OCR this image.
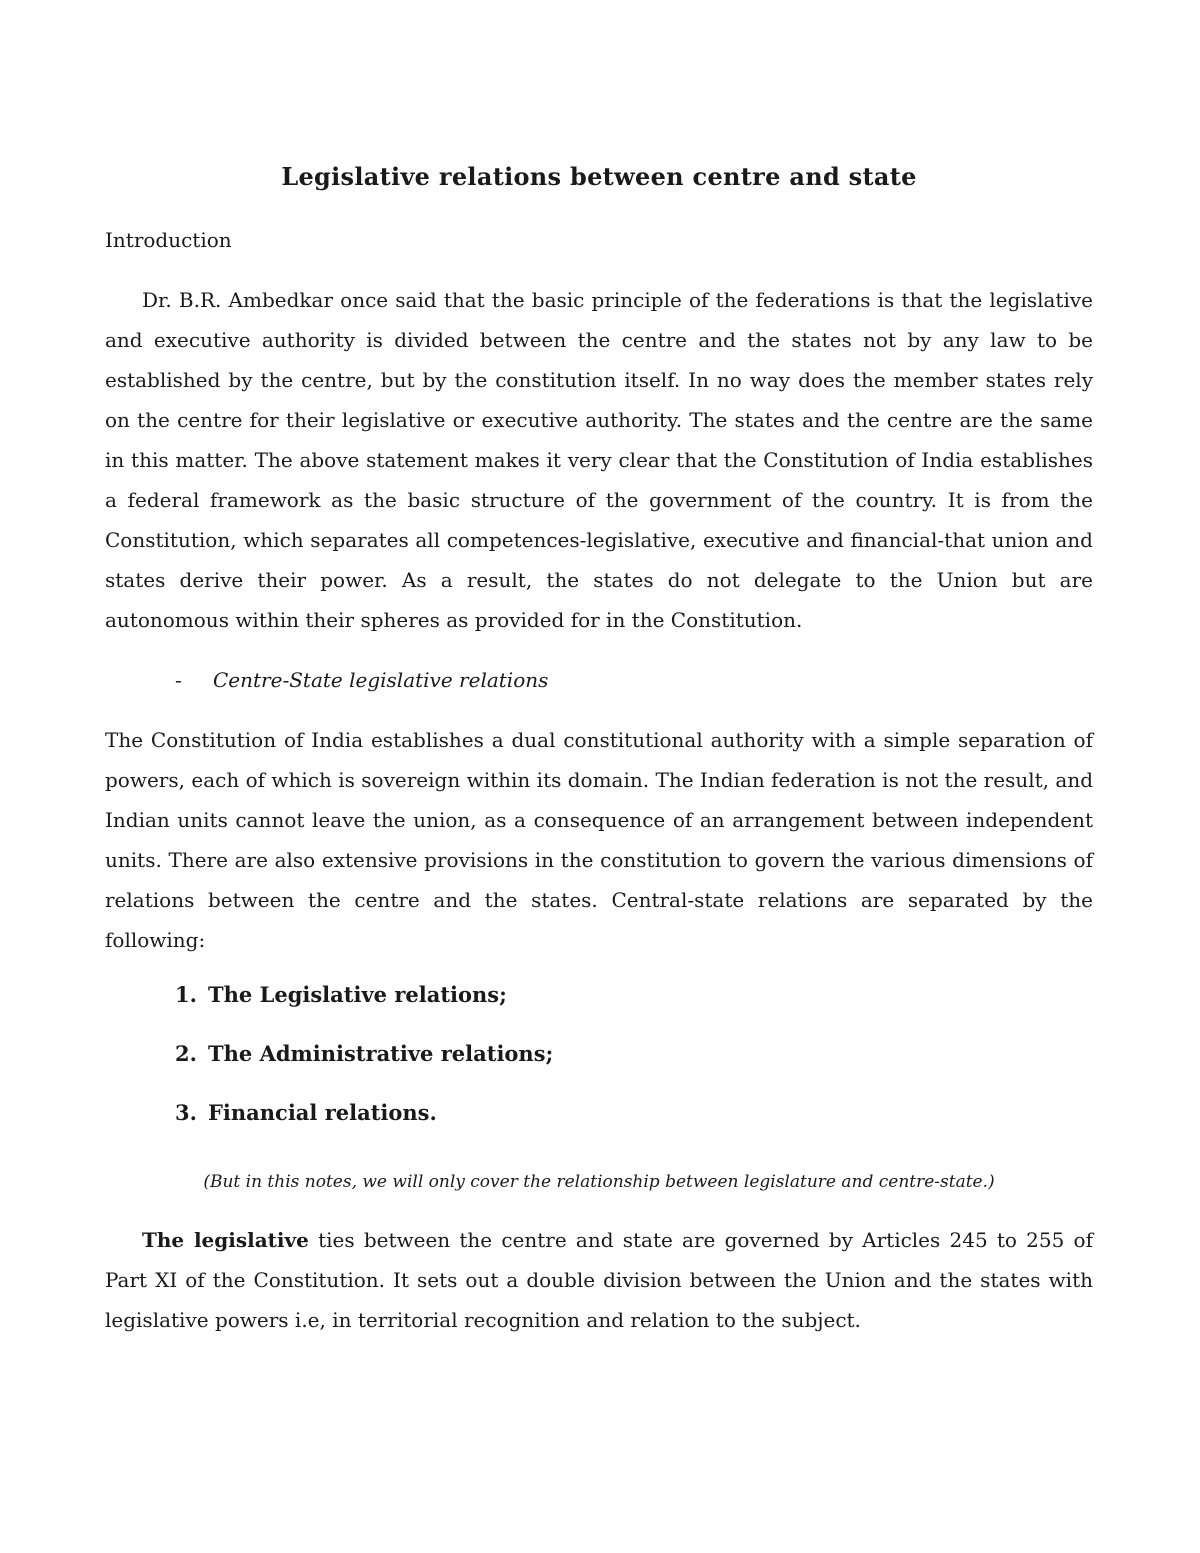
Legislative relations between centre and state

Introduction

Dr. B.R. Ambedkar once said that the basic principle of the federations is that the legislative and executive authority is divided between the centre and the states not by any law to be established by the centre, but by the constitution itself. In no way does the member states rely on the centre for their legislative or executive authority. The states and the centre are the same in this matter. The above statement makes it very clear that the Constitution of India establishes a federal framework as the basic structure of the government of the country. It is from the Constitution, which separates all competences-legislative, executive and financial-that union and states derive their power. As a result, the states do not delegate to the Union but are autonomous within their spheres as provided for in the Constitution.

- Centre-State legislative relations

The Constitution of India establishes a dual constitutional authority with a simple separation of powers, each of which is sovereign within its domain. The Indian federation is not the result, and Indian units cannot leave the union, as a consequence of an arrangement between independent units. There are also extensive provisions in the constitution to govern the various dimensions of relations between the centre and the states. Central-state relations are separated by the following:

1. The Legislative relations;
2. The Administrative relations;
3. Financial relations.

(But in this notes, we will only cover the relationship between legislature and centre-state.)

The legislative ties between the centre and state are governed by Articles 245 to 255 of Part XI of the Constitution. It sets out a double division between the Union and the states with legislative powers i.e, in territorial recognition and relation to the subject.
